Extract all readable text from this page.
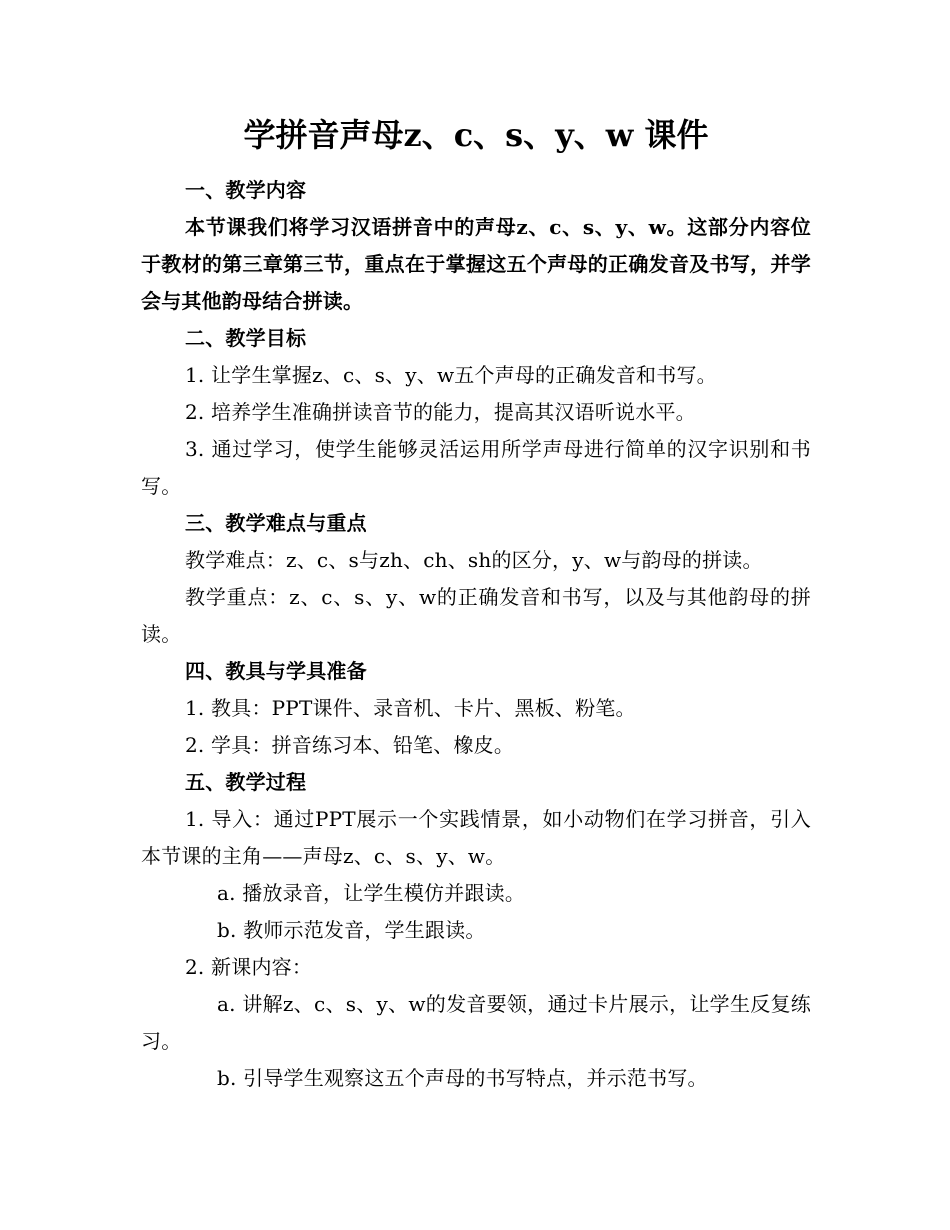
学拼音声母z、c、s、y、w 课件

一、教学内容

本节课我们将学习汉语拼音中的声母z、c、s、y、w。这部分内容位于教材的第三章第三节，重点在于掌握这五个声母的正确发音及书写，并学会与其他韵母结合拼读。

二、教学目标

1. 让学生掌握z、c、s、y、w五个声母的正确发音和书写。

2. 培养学生准确拼读音节的能力，提高其汉语听说水平。

3. 通过学习，使学生能够灵活运用所学声母进行简单的汉字识别和书写。

三、教学难点与重点

教学难点：z、c、s与zh、ch、sh的区分，y、w与韵母的拼读。

教学重点：z、c、s、y、w的正确发音和书写，以及与其他韵母的拼读。

四、教具与学具准备

1. 教具：PPT课件、录音机、卡片、黑板、粉笔。

2. 学具：拼音练习本、铅笔、橡皮。

五、教学过程

1. 导入：通过PPT展示一个实践情景，如小动物们在学习拼音，引入本节课的主角——声母z、c、s、y、w。

a. 播放录音，让学生模仿并跟读。

b. 教师示范发音，学生跟读。

2. 新课内容：

a. 讲解z、c、s、y、w的发音要领，通过卡片展示，让学生反复练习。

b. 引导学生观察这五个声母的书写特点，并示范书写。
